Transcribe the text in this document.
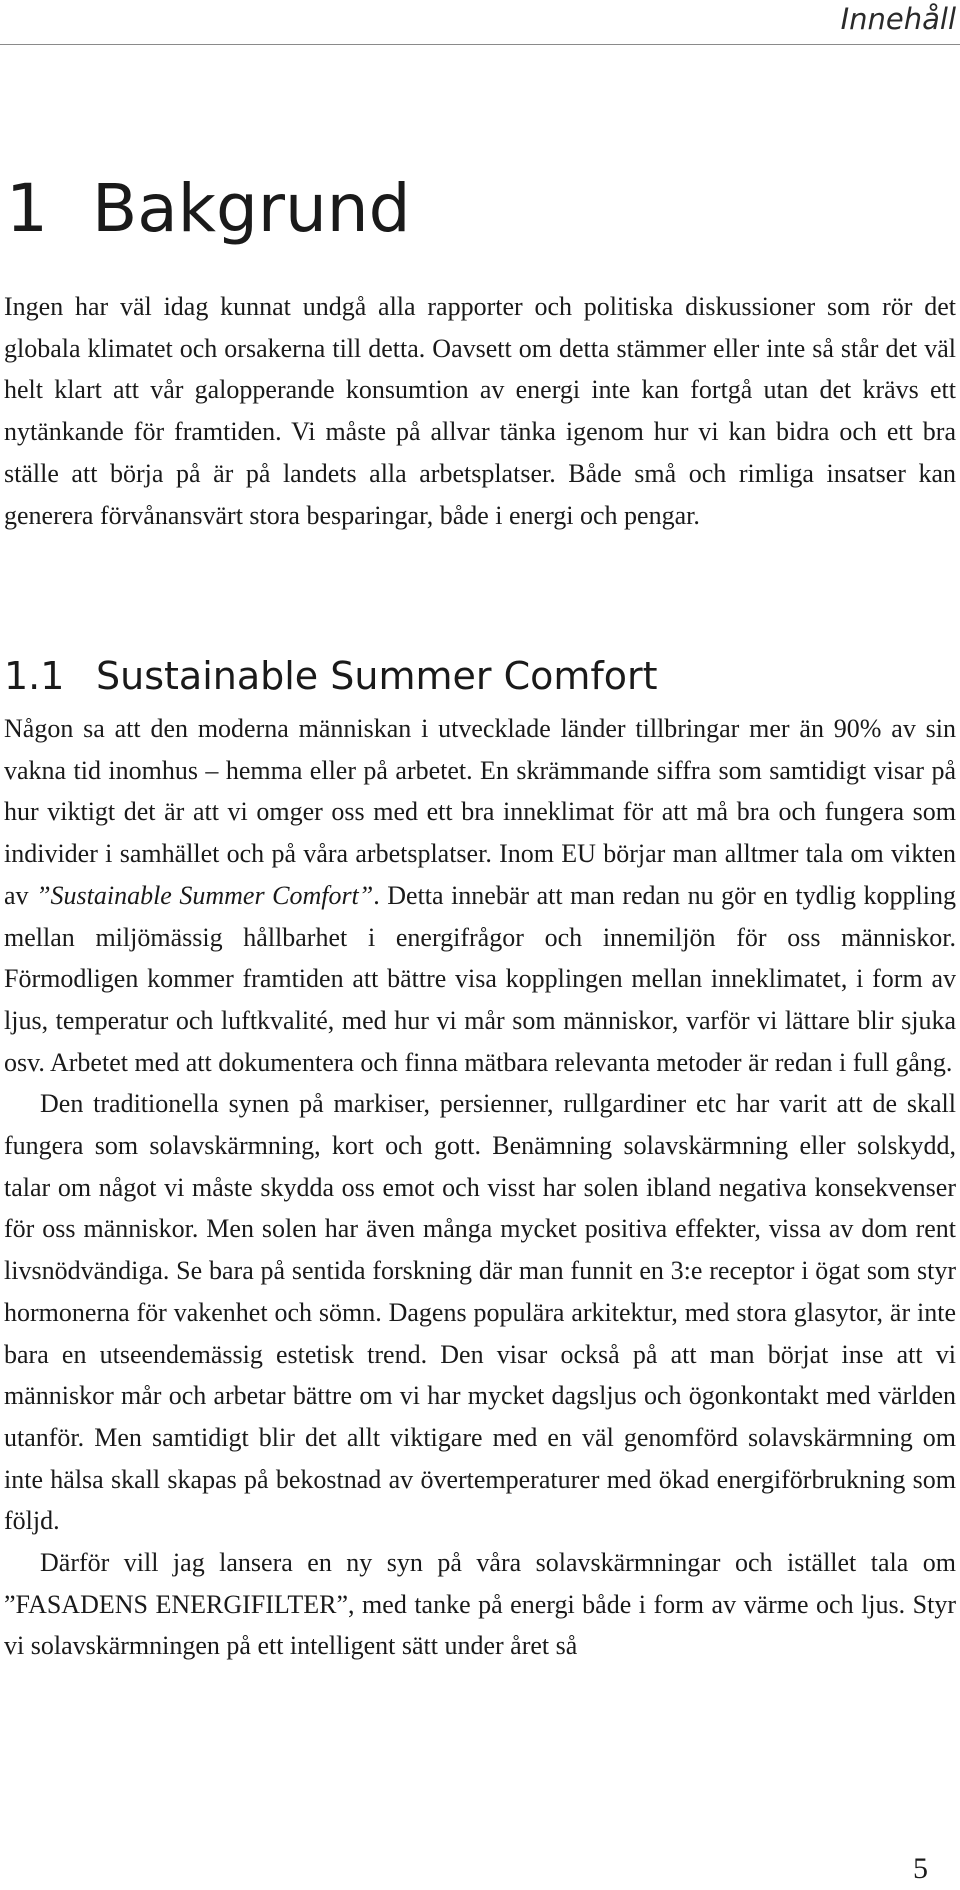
Innehåll
1 Bakgrund

Ingen har väl idag kunnat undgå alla rapporter och politiska diskussioner som rör det globala klimatet och orsakerna till detta. Oavsett om detta stämmer eller inte så står det väl helt klart att vår galopperande konsumtion av energi inte kan fortgå utan det krävs ett nytänkande för framtiden. Vi måste på allvar tänka igenom hur vi kan bidra och ett bra ställe att börja på är på landets alla arbetsplatser. Både små och rimliga insatser kan generera förvånansvärt stora besparingar, både i energi och pengar.

1.1 Sustainable Summer Comfort

Någon sa att den moderna människan i utvecklade länder tillbringar mer än 90% av sin vakna tid inomhus – hemma eller på arbetet. En skrämmande siffra som samtidigt visar på hur viktigt det är att vi omger oss med ett bra inneklimat för att må bra och fungera som individer i samhället och på våra arbetsplatser. Inom EU börjar man alltmer tala om vikten av ”Sustainable Summer Comfort”. Detta innebär att man redan nu gör en tydlig koppling mellan miljömässig hållbarhet i energifrågor och innemiljön för oss människor. Förmodligen kommer framtiden att bättre visa kopplingen mellan inneklimatet, i form av ljus, temperatur och luftkvalité, med hur vi mår som människor, varför vi lättare blir sjuka osv. Arbetet med att dokumentera och finna mätbara relevanta metoder är redan i full gång.

Den traditionella synen på markiser, persienner, rullgardiner etc har varit att de skall fungera som solavskärmning, kort och gott. Benämning solavskärmning eller solskydd, talar om något vi måste skydda oss emot och visst har solen ibland negativa konsekvenser för oss människor. Men solen har även många mycket positiva effekter, vissa av dom rent livsnödvändiga. Se bara på sentida forskning där man funnit en 3:e receptor i ögat som styr hormonerna för vakenhet och sömn. Dagens populära arkitektur, med stora glasytor, är inte bara en utseendemässig estetisk trend. Den visar också på att man börjat inse att vi människor mår och arbetar bättre om vi har mycket dagsljus och ögonkontakt med världen utanför. Men samtidigt blir det allt viktigare med en väl genomförd solavskärmning om inte hälsa skall skapas på bekostnad av övertemperaturer med ökad energiförbrukning som följd.

Därför vill jag lansera en ny syn på våra solavskärmningar och istället tala om ”FASADENS ENERGIFILTER”, med tanke på energi både i form av värme och ljus. Styr vi solavskärmningen på ett intelligent sätt under året så

5
